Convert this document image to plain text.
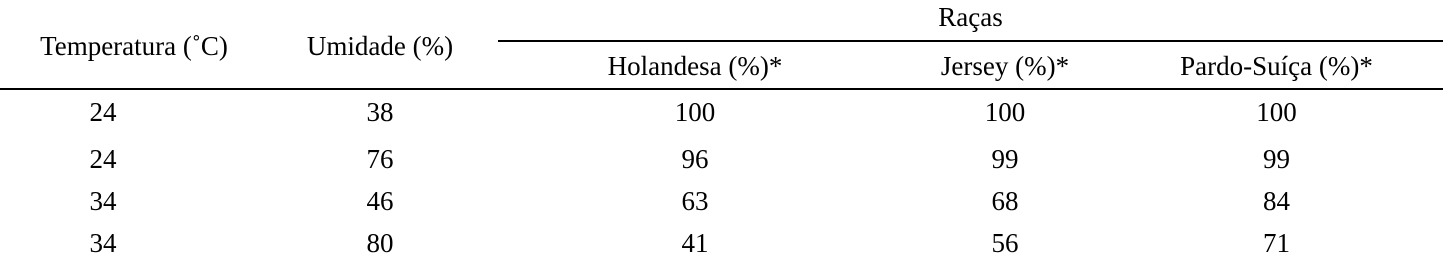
Temperatura (˚C)	Umidade (%)
Raças
Holandesa (%)*	Jersey (%)*	Pardo-Suíça (%)*
24	38	100	100	100
24	76	96	99	99
34	46	63	68	84
34	80	41	56	71
